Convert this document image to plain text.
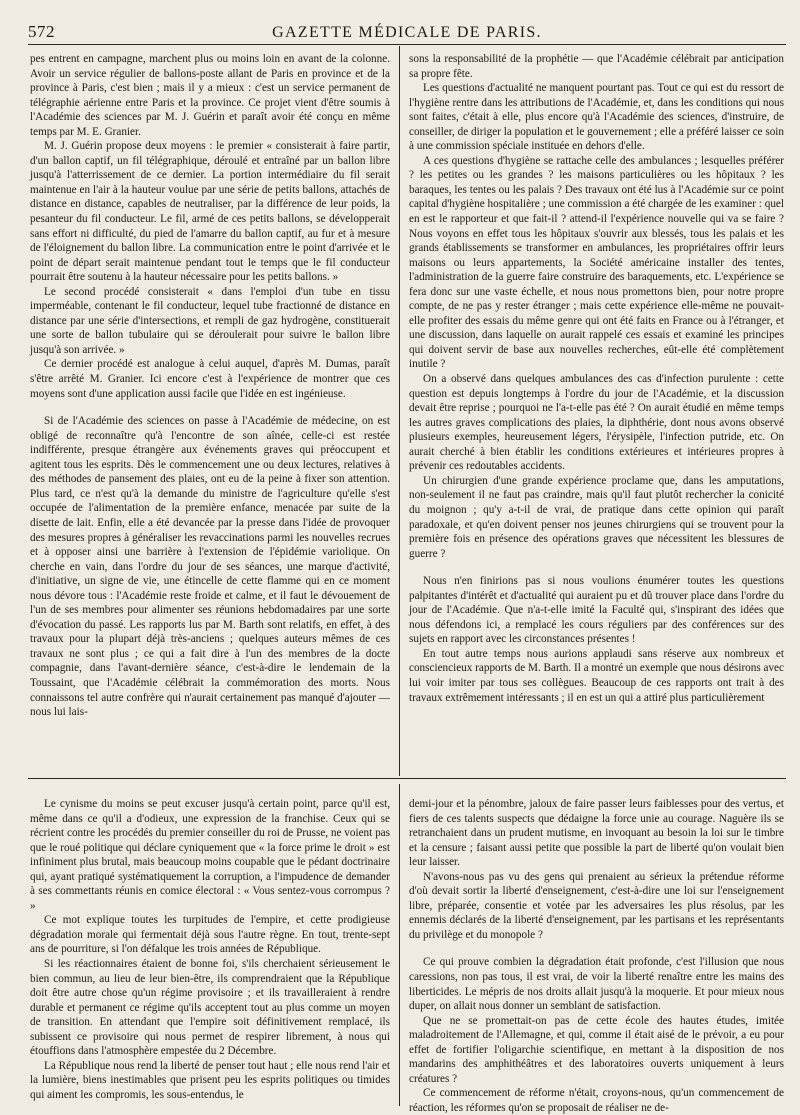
572	GAZETTE MÉDICALE DE PARIS.

pes entrent en campagne, marchent plus ou moins loin en avant de la colonne. Avoir un service régulier de ballons-poste allant de Paris en province et de la province à Paris, c'est bien ; mais il y a mieux : c'est un service permanent de télégraphie aérienne entre Paris et la province. Ce projet vient d'être soumis à l'Académie des sciences par M. J. Guérin et paraît avoir été conçu en même temps par M. E. Granier.

M. J. Guérin propose deux moyens : le premier « consisterait à faire partir, d'un ballon captif, un fil télégraphique, déroulé et entraîné par un ballon libre jusqu'à l'atterrissement de ce dernier. La portion intermédiaire du fil serait maintenue en l'air à la hauteur voulue par une série de petits ballons, attachés de distance en distance, capables de neutraliser, par la différence de leur poids, la pesanteur du fil conducteur. Le fil, armé de ces petits ballons, se développerait sans effort ni difficulté, du pied de l'amarre du ballon captif, au fur et à mesure de l'éloignement du ballon libre. La communication entre le point d'arrivée et le point de départ serait maintenue pendant tout le temps que le fil conducteur pourrait être soutenu à la hauteur nécessaire pour les petits ballons. »

Le second procédé consisterait « dans l'emploi d'un tube en tissu imperméable, contenant le fil conducteur, lequel tube fractionné de distance en distance par une série d'intersections, et rempli de gaz hydrogène, constituerait une sorte de ballon tubulaire qui se déroulerait pour suivre le ballon libre jusqu'à son arrivée. »

Ce dernier procédé est analogue à celui auquel, d'après M. Dumas, paraît s'être arrêté M. Granier. Ici encore c'est à l'expérience de montrer que ces moyens sont d'une application aussi facile que l'idée en est ingénieuse.

Si de l'Académie des sciences on passe à l'Académie de médecine, on est obligé de reconnaître qu'à l'encontre de son aînée, celle-ci est restée indifférente, presque étrangère aux événements graves qui préoccupent et agitent tous les esprits. Dès le commencement une ou deux lectures, relatives à des méthodes de pansement des plaies, ont eu de la peine à fixer son attention. Plus tard, ce n'est qu'à la demande du ministre de l'agriculture qu'elle s'est occupée de l'alimentation de la première enfance, menacée par suite de la disette de lait. Enfin, elle a été devancée par la presse dans l'idée de provoquer des mesures propres à généraliser les revaccinations parmi les nouvelles recrues et à opposer ainsi une barrière à l'extension de l'épidémie variolique. On cherche en vain, dans l'ordre du jour de ses séances, une marque d'activité, d'initiative, un signe de vie, une étincelle de cette flamme qui en ce moment nous dévore tous : l'Académie reste froide et calme, et il faut le dévouement de l'un de ses membres pour alimenter ses réunions hebdomadaires par une sorte d'évocation du passé. Les rapports lus par M. Barth sont relatifs, en effet, à des travaux pour la plupart déjà très-anciens ; quelques auteurs mêmes de ces travaux ne sont plus ; ce qui a fait dire à l'un des membres de la docte compagnie, dans l'avant-dernière séance, c'est-à-dire le lendemain de la Toussaint, que l'Académie célébrait la commémoration des morts. Nous connaissons tel autre confrère qui n'aurait certainement pas manqué d'ajouter — nous lui lais-

sons la responsabilité de la prophétie — que l'Académie célébrait par anticipation sa propre fête.

Les questions d'actualité ne manquent pourtant pas. Tout ce qui est du ressort de l'hygiène rentre dans les attributions de l'Académie, et, dans les conditions qui nous sont faites, c'était à elle, plus encore qu'à l'Académie des sciences, d'instruire, de conseiller, de diriger la population et le gouvernement ; elle a préféré laisser ce soin à une commission spéciale instituée en dehors d'elle.

A ces questions d'hygiène se rattache celle des ambulances ; lesquelles préférer ? les petites ou les grandes ? les maisons particulières ou les hôpitaux ? les baraques, les tentes ou les palais ? Des travaux ont été lus à l'Académie sur ce point capital d'hygiène hospitalière ; une commission a été chargée de les examiner : quel en est le rapporteur et que fait-il ? attend-il l'expérience nouvelle qui va se faire ? Nous voyons en effet tous les hôpitaux s'ouvrir aux blessés, tous les palais et les grands établissements se transformer en ambulances, les propriétaires offrir leurs maisons ou leurs appartements, la Société américaine installer des tentes, l'administration de la guerre faire construire des baraquements, etc. L'expérience se fera donc sur une vaste échelle, et nous nous promettons bien, pour notre propre compte, de ne pas y rester étranger ; mais cette expérience elle-même ne pouvait-elle profiter des essais du même genre qui ont été faits en France ou à l'étranger, et une discussion, dans laquelle on aurait rappelé ces essais et examiné les principes qui doivent servir de base aux nouvelles recherches, eût-elle été complètement inutile ?

On a observé dans quelques ambulances des cas d'infection purulente : cette question est depuis longtemps à l'ordre du jour de l'Académie, et la discussion devait être reprise ; pourquoi ne l'a-t-elle pas été ? On aurait étudié en même temps les autres graves complications des plaies, la diphthérie, dont nous avons observé plusieurs exemples, heureusement légers, l'érysipèle, l'infection putride, etc. On aurait cherché à bien établir les conditions extérieures et intérieures propres à prévenir ces redoutables accidents.

Un chirurgien d'une grande expérience proclame que, dans les amputations, non-seulement il ne faut pas craindre, mais qu'il faut plutôt rechercher la conicité du moignon ; qu'y a-t-il de vrai, de pratique dans cette opinion qui paraît paradoxale, et qu'en doivent penser nos jeunes chirurgiens qui se trouvent pour la première fois en présence des opérations graves que nécessitent les blessures de guerre ?

Nous n'en finirions pas si nous voulions énumérer toutes les questions palpitantes d'intérêt et d'actualité qui auraient pu et dû trouver place dans l'ordre du jour de l'Académie. Que n'a-t-elle imité la Faculté qui, s'inspirant des idées que nous défendons ici, a remplacé les cours réguliers par des conférences sur des sujets en rapport avec les circonstances présentes !

En tout autre temps nous aurions applaudi sans réserve aux nombreux et consciencieux rapports de M. Barth. Il a montré un exemple que nous désirons avec lui voir imiter par tous ses collègues. Beaucoup de ces rapports ont trait à des travaux extrêmement intéressants ; il en est un qui a attiré plus particulièrement

Le cynisme du moins se peut excuser jusqu'à certain point, parce qu'il est, même dans ce qu'il a d'odieux, une expression de la franchise. Ceux qui se récrient contre les procédés du premier conseiller du roi de Prusse, ne voient pas que le roué politique qui déclare cyniquement que « la force prime le droit » est infiniment plus brutal, mais beaucoup moins coupable que le pédant doctrinaire qui, ayant pratiqué systématiquement la corruption, a l'impudence de demander à ses commettants réunis en comice électoral : « Vous sentez-vous corrompus ? »

Ce mot explique toutes les turpitudes de l'empire, et cette prodigieuse dégradation morale qui fermentait déjà sous l'autre règne. En tout, trente-sept ans de pourriture, si l'on défalque les trois années de République.

Si les réactionnaires étaient de bonne foi, s'ils cherchaient sérieusement le bien commun, au lieu de leur bien-être, ils comprendraient que la République doit être autre chose qu'un régime provisoire ; et ils travailleraient à rendre durable et permanent ce régime qu'ils acceptent tout au plus comme un moyen de transition. En attendant que l'empire soit définitivement remplacé, ils subissent ce provisoire qui nous permet de respirer librement, à nous qui étouffions dans l'atmosphère empestée du 2 Décembre.

La République nous rend la liberté de penser tout haut ; elle nous rend l'air et la lumière, biens inestimables que prisent peu les esprits politiques ou timides qui aiment les compromis, les sous-entendus, le

demi-jour et la pénombre, jaloux de faire passer leurs faiblesses pour des vertus, et fiers de ces talents suspects que dédaigne la force unie au courage. Naguère ils se retranchaient dans un prudent mutisme, en invoquant au besoin la loi sur le timbre et la censure ; faisant aussi petite que possible la part de liberté qu'on voulait bien leur laisser.

N'avons-nous pas vu des gens qui prenaient au sérieux la prétendue réforme d'où devait sortir la liberté d'enseignement, c'est-à-dire une loi sur l'enseignement libre, préparée, consentie et votée par les adversaires les plus résolus, par les ennemis déclarés de la liberté d'enseignement, par les partisans et les représentants du privilège et du monopole ?

Ce qui prouve combien la dégradation était profonde, c'est l'illusion que nous caressions, non pas tous, il est vrai, de voir la liberté renaître entre les mains des liberticides. Le mépris de nos droits allait jusqu'à la moquerie. Et pour mieux nous duper, on allait nous donner un semblant de satisfaction.

Que ne se promettait-on pas de cette école des hautes études, imitée maladroitement de l'Allemagne, et qui, comme il était aisé de le prévoir, a eu pour effet de fortifier l'oligarchie scientifique, en mettant à la disposition de nos mandarins des amphithéâtres et des laboratoires ouverts uniquement à leurs créatures ?

Ce commencement de réforme n'était, croyons-nous, qu'un commencement de réaction, les réformes qu'on se proposait de réaliser ne de-
